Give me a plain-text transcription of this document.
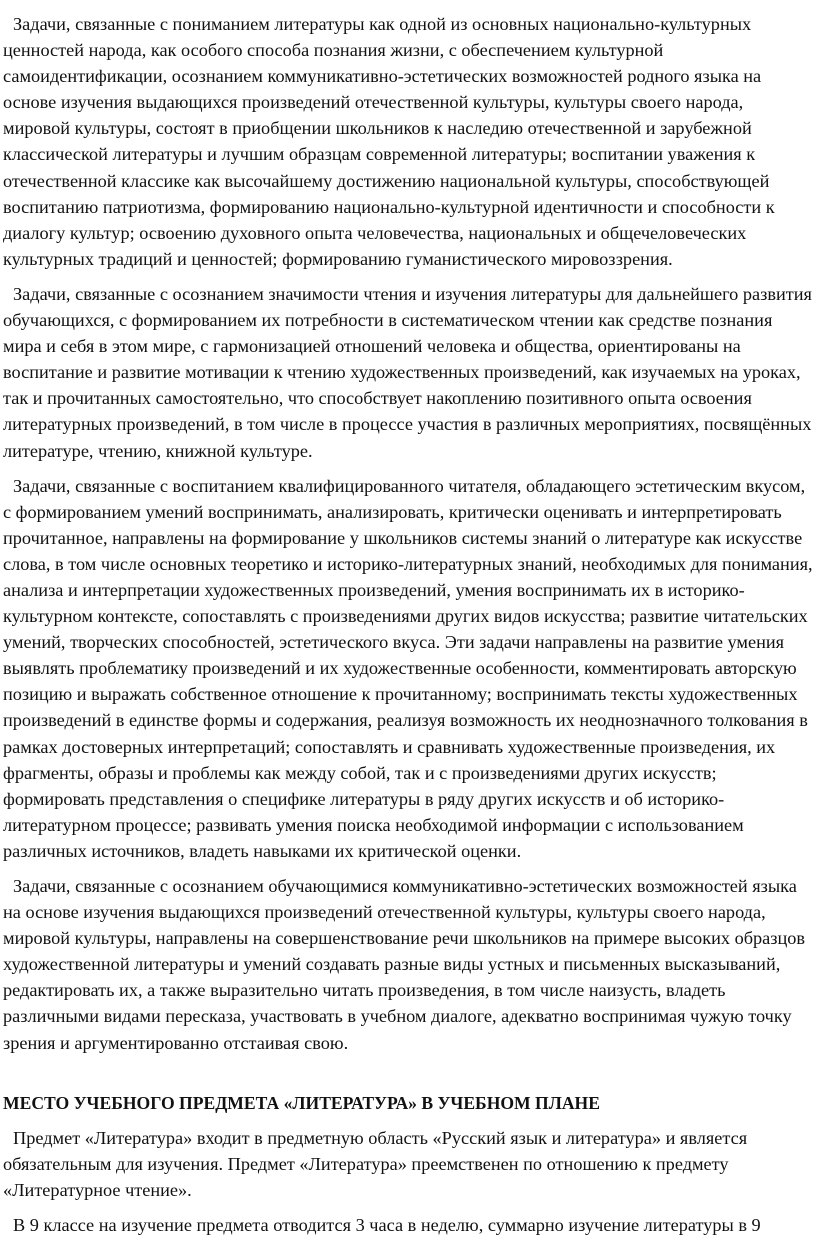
Задачи, связанные с пониманием литературы как одной из основных национально-культурных ценностей народа, как особого способа познания жизни, с обеспечением культурной самоидентификации, осознанием коммуникативно-эстетических возможностей родного языка на основе изучения выдающихся произведений отечественной культуры, культуры своего народа, мировой культуры, состоят в приобщении школьников к наследию отечественной и зарубежной классической литературы и лучшим образцам современной литературы; воспитании уважения к отечественной классике как высочайшему достижению национальной культуры, способствующей воспитанию патриотизма, формированию национально-культурной идентичности и способности к диалогу культур; освоению духовного опыта человечества, национальных и общечеловеческих культурных традиций и ценностей; формированию гуманистического мировоззрения.

Задачи, связанные с осознанием значимости чтения и изучения литературы для дальнейшего развития обучающихся, с формированием их потребности в систематическом чтении как средстве познания мира и себя в этом мире, с гармонизацией отношений человека и общества, ориентированы на воспитание и развитие мотивации к чтению художественных произведений, как изучаемых на уроках, так и прочитанных самостоятельно, что способствует накоплению позитивного опыта освоения литературных произведений, в том числе в процессе участия в различных мероприятиях, посвящённых литературе, чтению, книжной культуре.

Задачи, связанные с воспитанием квалифицированного читателя, обладающего эстетическим вкусом, с формированием умений воспринимать, анализировать, критически оценивать и интерпретировать прочитанное, направлены на формирование у школьников системы знаний о литературе как искусстве слова, в том числе основных теоретико и историко-литературных знаний, необходимых для понимания, анализа и интерпретации художественных произведений, умения воспринимать их в историко-культурном контексте, сопоставлять с произведениями других видов искусства; развитие читательских умений, творческих способностей, эстетического вкуса. Эти задачи направлены на развитие умения выявлять проблематику произведений и их художественные особенности, комментировать авторскую позицию и выражать собственное отношение к прочитанному; воспринимать тексты художественных произведений в единстве формы и содержания, реализуя возможность их неоднозначного толкования в рамках достоверных интерпретаций; сопоставлять и сравнивать художественные произведения, их фрагменты, образы и проблемы как между собой, так и с произведениями других искусств; формировать представления о специфике литературы в ряду других искусств и об историко-литературном процессе; развивать умения поиска необходимой информации с использованием различных источников, владеть навыками их критической оценки.

Задачи, связанные с осознанием обучающимися коммуникативно-эстетических возможностей языка на основе изучения выдающихся произведений отечественной культуры, культуры своего народа, мировой культуры, направлены на совершенствование речи школьников на примере высоких образцов художественной литературы и умений создавать разные виды устных и письменных высказываний, редактировать их, а также выразительно читать произведения, в том числе наизусть, владеть различными видами пересказа, участвовать в учебном диалоге, адекватно воспринимая чужую точку зрения и аргументированно отстаивая свою.

МЕСТО УЧЕБНОГО ПРЕДМЕТА «ЛИТЕРАТУРА» В УЧЕБНОМ ПЛАНЕ

Предмет «Литература» входит в предметную область «Русский язык и литература» и является обязательным для изучения. Предмет «Литература» преемственен по отношению к предмету «Литературное чтение».

В 9 классе на изучение предмета отводится 3 часа в неделю, суммарно изучение литературы в 9
